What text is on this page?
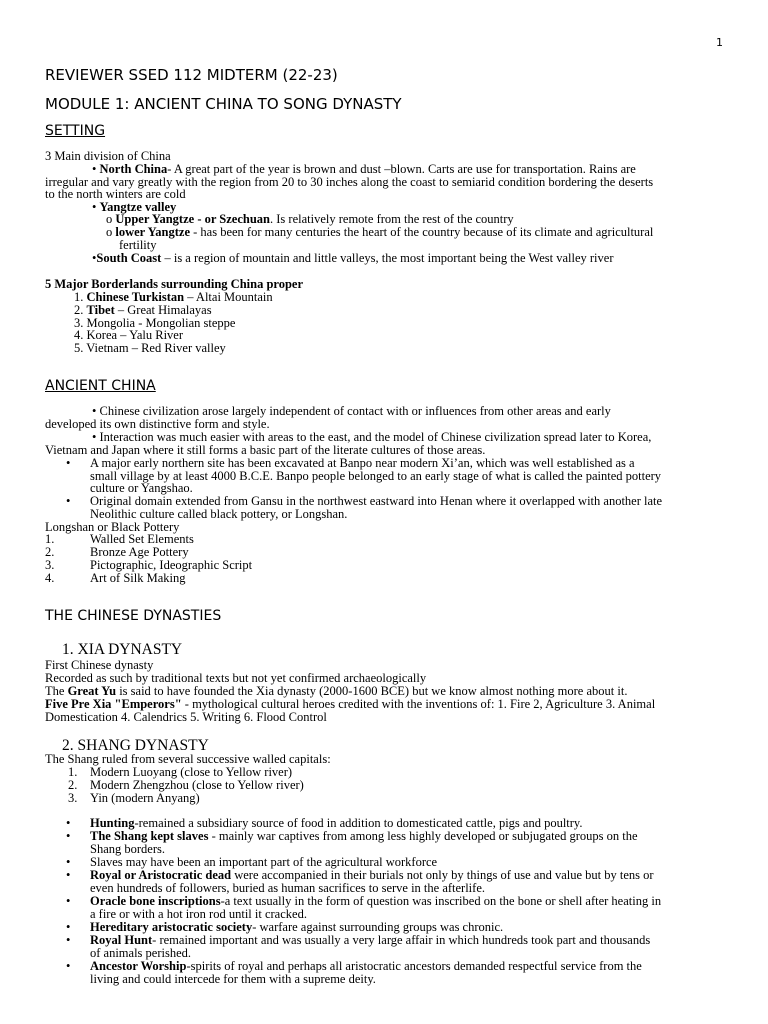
1
REVIEWER SSED 112 MIDTERM (22-23)
MODULE 1: ANCIENT CHINA TO SONG DYNASTY
SETTING
3 Main division of China
• North China- A great part of the year is brown and dust –blown. Carts are use for transportation. Rains are
irregular and vary greatly with the region from 20 to 30 inches along the coast to semiarid condition bordering the deserts
to the north winters are cold
• Yangtze valley
o Upper Yangtze - or Szechuan. Is relatively remote from the rest of the country
o lower Yangtze - has been for many centuries the heart of the country because of its climate and agricultural
fertility
•South Coast – is a region of mountain and little valleys, the most important being the West valley river
5 Major Borderlands surrounding China proper
1. Chinese Turkistan – Altai Mountain
2. Tibet – Great Himalayas
3. Mongolia - Mongolian steppe
4. Korea – Yalu River
5. Vietnam – Red River valley
ANCIENT CHINA
• Chinese civilization arose largely independent of contact with or influences from other areas and early
developed its own distinctive form and style.
• Interaction was much easier with areas to the east, and the model of Chinese civilization spread later to Korea,
Vietnam and Japan where it still forms a basic part of the literate cultures of those areas.
• A major early northern site has been excavated at Banpo near modern Xi’an, which was well established as a
small village by at least 4000 B.C.E. Banpo people belonged to an early stage of what is called the painted pottery
culture or Yangshao.
• Original domain extended from Gansu in the northwest eastward into Henan where it overlapped with another late
Neolithic culture called black pottery, or Longshan.
Longshan or Black Pottery
1.	Walled Set Elements
2.	Bronze Age Pottery
3.	Pictographic, Ideographic Script
4.	Art of Silk Making
THE CHINESE DYNASTIES
1. XIA DYNASTY
First Chinese dynasty
Recorded as such by traditional texts but not yet confirmed archaeologically
The Great Yu is said to have founded the Xia dynasty (2000-1600 BCE) but we know almost nothing more about it.
Five Pre Xia "Emperors" - mythological cultural heroes credited with the inventions of: 1. Fire 2, Agriculture 3. Animal
Domestication 4. Calendrics 5. Writing 6. Flood Control
2. SHANG DYNASTY
The Shang ruled from several successive walled capitals:
1. Modern Luoyang (close to Yellow river)
2. Modern Zhengzhou (close to Yellow river)
3. Yin (modern Anyang)
• Hunting-remained a subsidiary source of food in addition to domesticated cattle, pigs and poultry.
• The Shang kept slaves - mainly war captives from among less highly developed or subjugated groups on the
Shang borders.
• Slaves may have been an important part of the agricultural workforce
• Royal or Aristocratic dead were accompanied in their burials not only by things of use and value but by tens or
even hundreds of followers, buried as human sacrifices to serve in the afterlife.
• Oracle bone inscriptions-a text usually in the form of question was inscribed on the bone or shell after heating in
a fire or with a hot iron rod until it cracked.
• Hereditary aristocratic society- warfare against surrounding groups was chronic.
• Royal Hunt- remained important and was usually a very large affair in which hundreds took part and thousands
of animals perished.
• Ancestor Worship-spirits of royal and perhaps all aristocratic ancestors demanded respectful service from the
living and could intercede for them with a supreme deity.
